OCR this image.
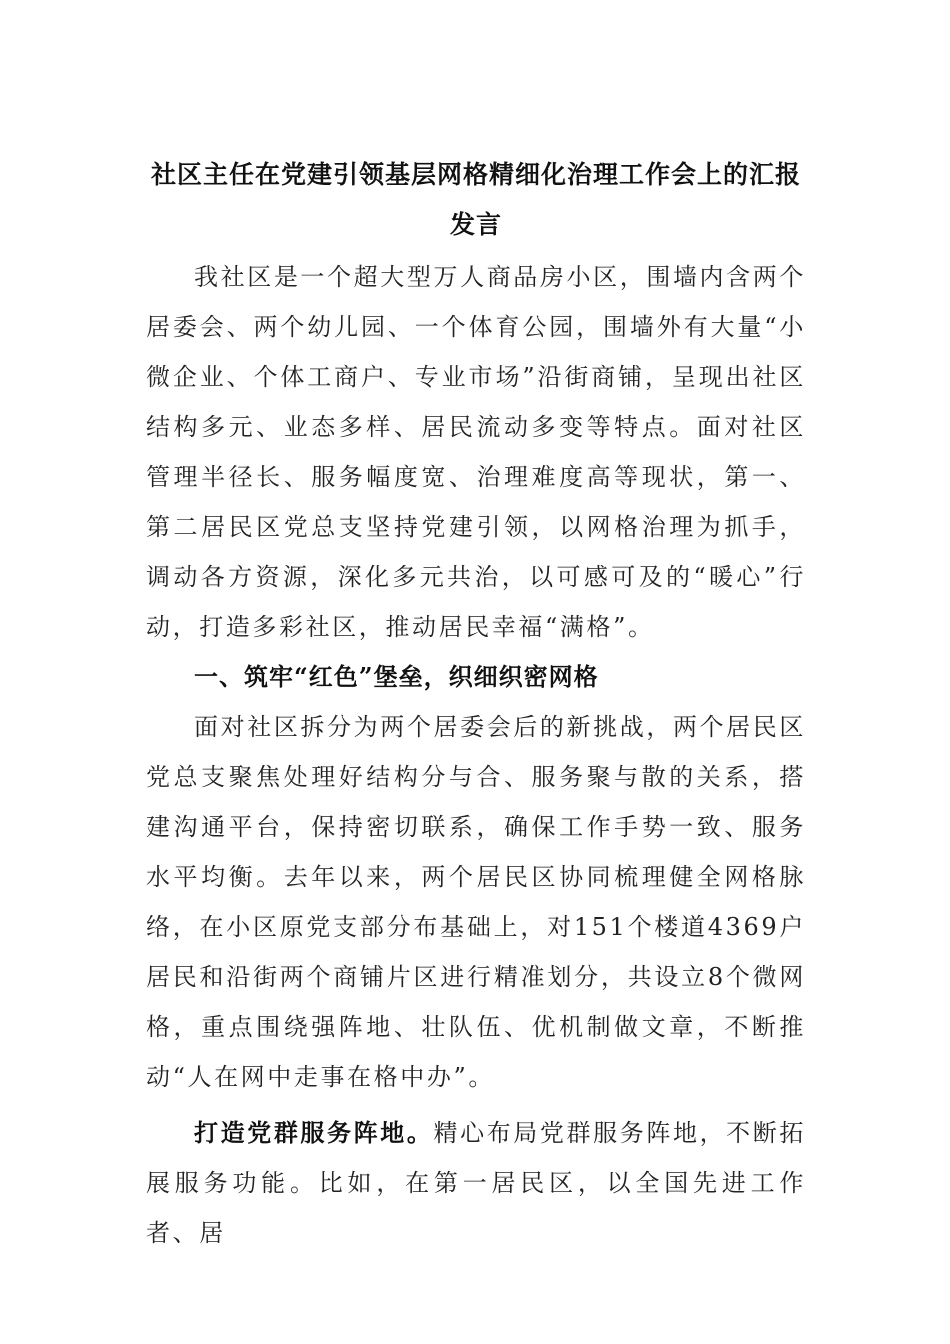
社区主任在党建引领基层网格精细化治理工作会上的汇报发言

我社区是一个超大型万人商品房小区，围墙内含两个居委会、两个幼儿园、一个体育公园，围墙外有大量“小微企业、个体工商户、专业市场”沿街商铺，呈现出社区结构多元、业态多样、居民流动多变等特点。面对社区管理半径长、服务幅度宽、治理难度高等现状，第一、第二居民区党总支坚持党建引领，以网格治理为抓手，调动各方资源，深化多元共治，以可感可及的“暖心”行动，打造多彩社区，推动居民幸福“满格”。

一、筑牢“红色”堡垒，织细织密网格

面对社区拆分为两个居委会后的新挑战，两个居民区党总支聚焦处理好结构分与合、服务聚与散的关系，搭建沟通平台，保持密切联系，确保工作手势一致、服务水平均衡。去年以来，两个居民区协同梳理健全网格脉络，在小区原党支部分布基础上，对151个楼道4369户居民和沿街两个商铺片区进行精准划分，共设立8个微网格，重点围绕强阵地、壮队伍、优机制做文章，不断推动“人在网中走事在格中办”。

打造党群服务阵地。精心布局党群服务阵地，不断拓展服务功能。比如，在第一居民区，以全国先进工作者、居
